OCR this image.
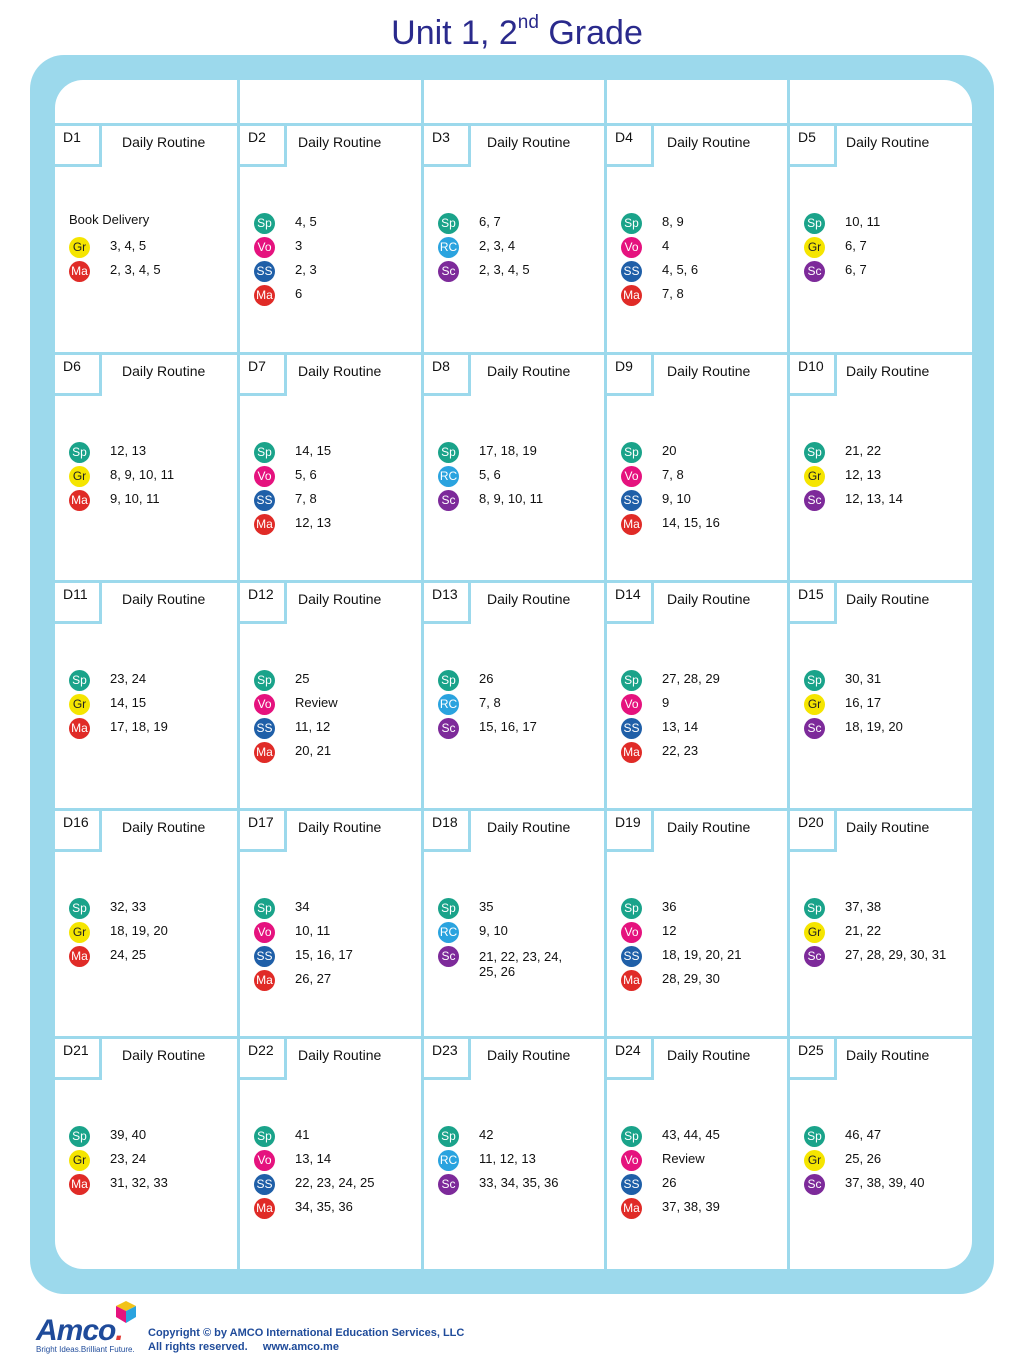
Unit 1, 2nd Grade
D1	Daily Routine
Book Delivery
Gr 3, 4, 5
Ma 2, 3, 4, 5
D2	Daily Routine
Sp 4, 5
Vo 3
SS 2, 3
Ma 6
D3	Daily Routine
Sp 6, 7
RC 2, 3, 4
Sc 2, 3, 4, 5
D4	Daily Routine
Sp 8, 9
Vo 4
SS 4, 5, 6
Ma 7, 8
D5	Daily Routine
Sp 10, 11
Gr 6, 7
Sc 6, 7
D6	Daily Routine
Sp 12, 13
Gr 8, 9, 10, 11
Ma 9, 10, 11
D7	Daily Routine
Sp 14, 15
Vo 5, 6
SS 7, 8
Ma 12, 13
D8	Daily Routine
Sp 17, 18, 19
RC 5, 6
Sc 8, 9, 10, 11
D9	Daily Routine
Sp 20
Vo 7, 8
SS 9, 10
Ma 14, 15, 16
D10	Daily Routine
Sp 21, 22
Gr 12, 13
Sc 12, 13, 14
D11	Daily Routine
Sp 23, 24
Gr 14, 15
Ma 17, 18, 19
D12	Daily Routine
Sp 25
Vo Review
SS 11, 12
Ma 20, 21
D13	Daily Routine
Sp 26
RC 7, 8
Sc 15, 16, 17
D14	Daily Routine
Sp 27, 28, 29
Vo 9
SS 13, 14
Ma 22, 23
D15	Daily Routine
Sp 30, 31
Gr 16, 17
Sc 18, 19, 20
D16	Daily Routine
Sp 32, 33
Gr 18, 19, 20
Ma 24, 25
D17	Daily Routine
Sp 34
Vo 10, 11
SS 15, 16, 17
Ma 26, 27
D18	Daily Routine
Sp 35
RC 9, 10
Sc 21, 22, 23, 24, 25, 26
D19	Daily Routine
Sp 36
Vo 12
SS 18, 19, 20, 21
Ma 28, 29, 30
D20	Daily Routine
Sp 37, 38
Gr 21, 22
Sc 27, 28, 29, 30, 31
D21	Daily Routine
Sp 39, 40
Gr 23, 24
Ma 31, 32, 33
D22	Daily Routine
Sp 41
Vo 13, 14
SS 22, 23, 24, 25
Ma 34, 35, 36
D23	Daily Routine
Sp 42
RC 11, 12, 13
Sc 33, 34, 35, 36
D24	Daily Routine
Sp 43, 44, 45
Vo Review
SS 26
Ma 37, 38, 39
D25	Daily Routine
Sp 46, 47
Gr 25, 26
Sc 37, 38, 39, 40
Amco.
Bright Ideas.Brilliant Future.
Copyright © by AMCO International Education Services, LLC
All rights reserved.     www.amco.me
